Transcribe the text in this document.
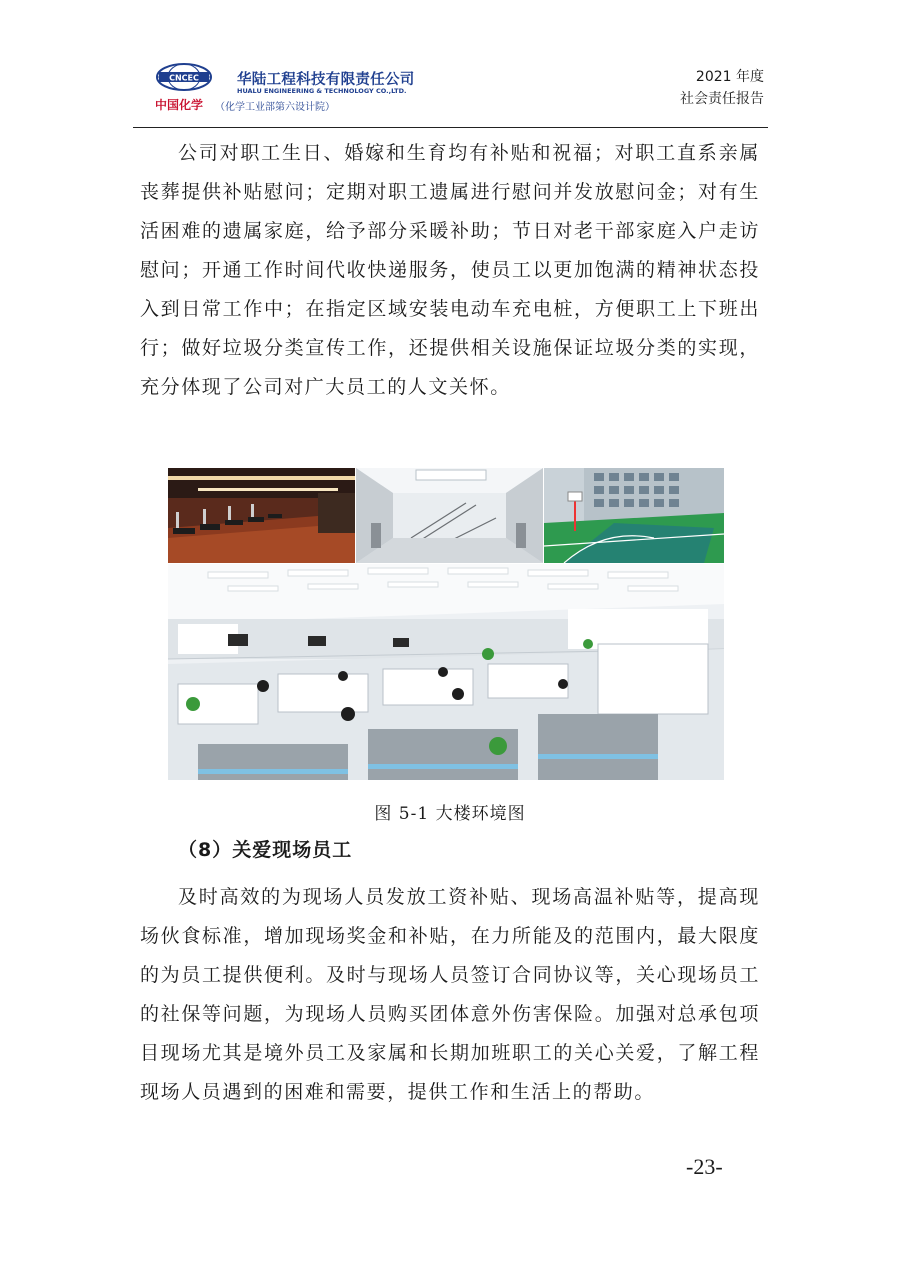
CNCEC	华陆工程科技有限责任公司
HUALU ENGINEERING & TECHNOLOGY CO.,LTD.
中国化学 （化学工业部第六设计院）
2021 年度
社会责任报告
公司对职工生日、婚嫁和生育均有补贴和祝福；对职工直系亲属丧葬提供补贴慰问；定期对职工遗属进行慰问并发放慰问金；对有生活困难的遗属家庭，给予部分采暖补助；节日对老干部家庭入户走访慰问；开通工作时间代收快递服务，使员工以更加饱满的精神状态投入到日常工作中；在指定区域安装电动车充电桩，方便职工上下班出行；做好垃圾分类宣传工作，还提供相关设施保证垃圾分类的实现，充分体现了公司对广大员工的人文关怀。
图 5-1 大楼环境图
（8）关爱现场员工
及时高效的为现场人员发放工资补贴、现场高温补贴等，提高现场伙食标准，增加现场奖金和补贴，在力所能及的范围内，最大限度的为员工提供便利。及时与现场人员签订合同协议等，关心现场员工的社保等问题，为现场人员购买团体意外伤害保险。加强对总承包项目现场尤其是境外员工及家属和长期加班职工的关心关爱，了解工程现场人员遇到的困难和需要，提供工作和生活上的帮助。
-23-
